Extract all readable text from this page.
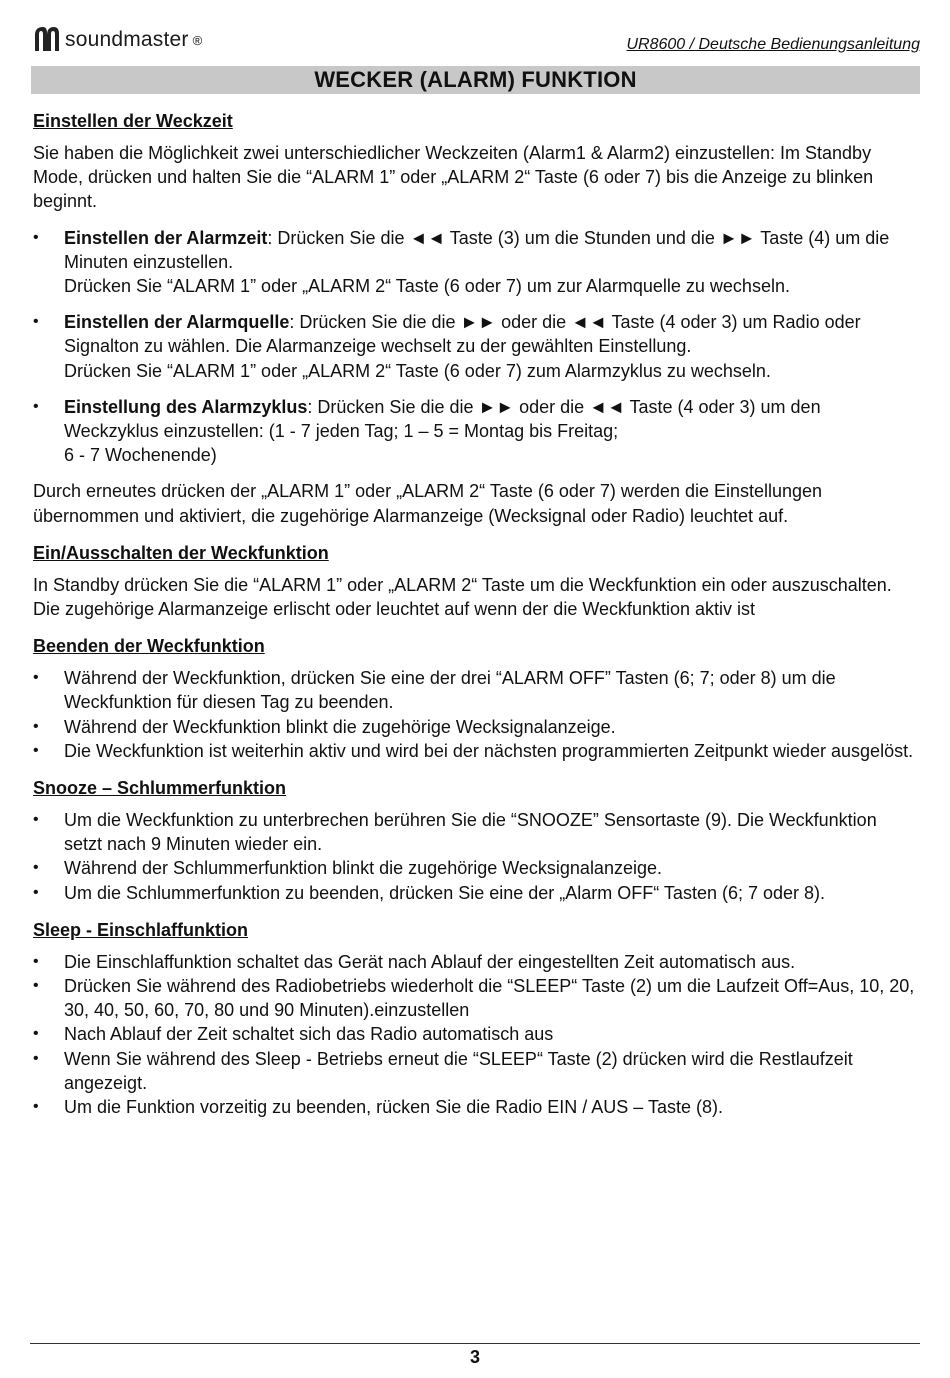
soundmaster ®	UR8600 / Deutsche Bedienungsanleitung
WECKER (ALARM) FUNKTION
Einstellen der Weckzeit

Sie haben die Möglichkeit zwei unterschiedlicher Weckzeiten (Alarm1 & Alarm2) einzustellen: Im Standby Mode, drücken und halten Sie die “ALARM 1” oder „ALARM 2“ Taste (6 oder 7) bis die Anzeige zu blinken beginnt.

• Einstellen der Alarmzeit: Drücken Sie die ◄◄ Taste (3) um die Stunden und die ►► Taste (4) um die Minuten einzustellen.
Drücken Sie “ALARM 1” oder „ALARM 2“ Taste (6 oder 7) um zur Alarmquelle zu wechseln.
• Einstellen der Alarmquelle: Drücken Sie die die ►► oder die ◄◄ Taste (4 oder 3) um Radio oder Signalton zu wählen. Die Alarmanzeige wechselt zu der gewählten Einstellung.
Drücken Sie “ALARM 1” oder „ALARM 2“ Taste (6 oder 7) zum Alarmzyklus zu wechseln.
• Einstellung des Alarmzyklus: Drücken Sie die die ►► oder die ◄◄ Taste (4 oder 3) um den Weckzyklus einzustellen: (1 - 7 jeden Tag; 1 – 5 = Montag bis Freitag;
6 - 7 Wochenende)

Durch erneutes drücken der „ALARM 1” oder „ALARM 2“ Taste (6 oder 7) werden die Einstellungen übernommen und aktiviert, die zugehörige Alarmanzeige (Wecksignal oder Radio) leuchtet auf.

Ein/Ausschalten der Weckfunktion

In Standby drücken Sie die “ALARM 1” oder „ALARM 2“ Taste um die Weckfunktion ein oder auszuschalten. Die zugehörige Alarmanzeige erlischt oder leuchtet auf wenn der die Weckfunktion aktiv ist

Beenden der Weckfunktion
• Während der Weckfunktion, drücken Sie eine der drei “ALARM OFF” Tasten (6; 7; oder 8) um die Weckfunktion für diesen Tag zu beenden.
• Während der Weckfunktion blinkt die zugehörige Wecksignalanzeige.
• Die Weckfunktion ist weiterhin aktiv und wird bei der nächsten programmierten Zeitpunkt wieder ausgelöst.
Snooze – Schlummerfunktion
• Um die Weckfunktion zu unterbrechen berühren Sie die “SNOOZE” Sensortaste (9). Die Weckfunktion setzt nach 9 Minuten wieder ein.
• Während der Schlummerfunktion blinkt die zugehörige Wecksignalanzeige.
• Um die Schlummerfunktion zu beenden, drücken Sie eine der „Alarm OFF“ Tasten (6; 7 oder 8).
Sleep - Einschlaffunktion
• Die Einschlaffunktion schaltet das Gerät nach Ablauf der eingestellten Zeit automatisch aus.
• Drücken Sie während des Radiobetriebs wiederholt die “SLEEP“ Taste (2) um die Laufzeit Off=Aus, 10, 20, 30, 40, 50, 60, 70, 80 und 90 Minuten).einzustellen
• Nach Ablauf der Zeit schaltet sich das Radio automatisch aus
• Wenn Sie während des Sleep - Betriebs erneut die “SLEEP“ Taste (2) drücken wird die Restlaufzeit angezeigt.
• Um die Funktion vorzeitig zu beenden, rücken Sie die Radio EIN / AUS – Taste (8).
3
